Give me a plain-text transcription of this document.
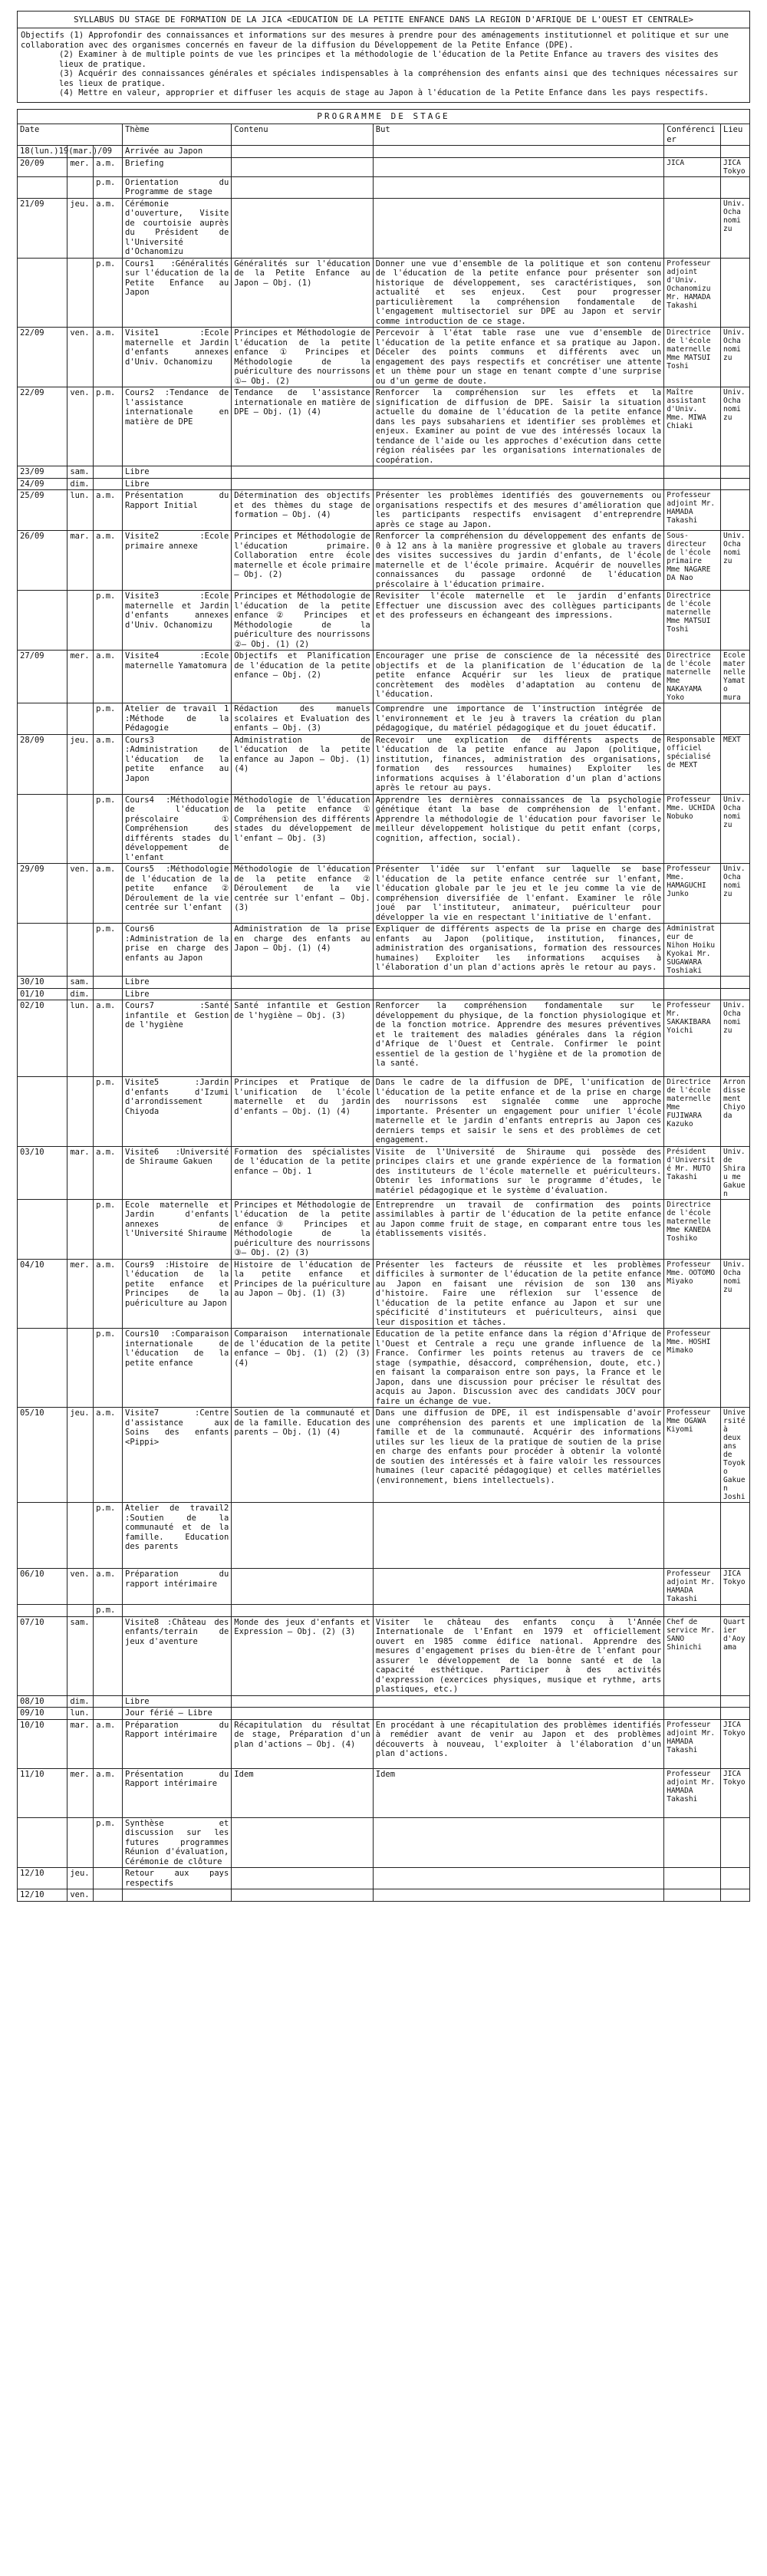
SYLLABUS DU STAGE DE FORMATION DE LA JICA <EDUCATION DE LA PETITE ENFANCE DANS LA REGION D'AFRIQUE DE L'OUEST ET CENTRALE>
Objectifs (1) Approfondir des connaissances et informations sur des mesures à prendre pour des aménagements institutionnel et politique et sur une collaboration avec des organismes concernés en faveur de la diffusion du Développement de la Petite Enfance (DPE).
(2) Examiner à de multiple points de vue les principes et la méthodologie de l'éducation de la Petite Enfance au travers des visites des lieux de pratique.
(3) Acquérir des connaissances générales et spéciales indispensables à la compréhension des enfants ainsi que des techniques nécessaires sur les lieux de pratique.
(4) Mettre en valeur, approprier et diffuser les acquis de stage au Japon à l'éducation de la Petite Enfance dans les pays respectifs.
PROGRAMME DE STAGE
Date			Thème	Contenu	But	Conférencier	Lieu
18(lun.)19(mar.)/09			Arrivée au Japon				
20/09	mer.	a.m.	Briefing			JICA	JICA Tokyo
		p.m.	Orientation du Programme de stage				
21/09	jeu.	a.m.	Cérémonie d'ouverture, Visite de courtoisie auprès du Président de l'Université d'Ochanomizu				Univ. Ocha nomi zu
		p.m.	Cours1 :Généralités sur l'éducation de la Petite Enfance au Japon	Généralités sur l'éducation de la Petite Enfance au Japon – Obj. (1)	Donner une vue d'ensemble de la politique et son contenu de l'éducation de la petite enfance pour présenter son historique de développement, ses caractéristiques, son actualité et ses enjeux. Cest pour progresser particulièrement la compréhension fondamentale de l'engagement multisectoriel sur DPE au Japon et servir comme introduction de ce stage.	Professeur adjoint d'Univ. Ochanomizu Mr. HAMADA Takashi	
22/09	ven.	a.m.	Visite1 :Ecole maternelle et Jardin d'enfants annexes d'Univ. Ochanomizu	Principes et Méthodologie de l'éducation de la petite enfance ① Principes et Méthodologie de la puériculture des nourrissons ①– Obj. (2)	Percevoir à l'état table rase une vue d'ensemble de l'éducation de la petite enfance et sa pratique au Japon. Déceler des points communs et différents avec un engagement des pays respectifs et concrétiser une attente et un thème pour un stage en tenant compte d'une surprise ou d'un germe de doute.	Directrice de l'école maternelle Mme MATSUI Toshi	Univ. Ocha nomi zu
22/09	ven.	p.m.	Cours2 :Tendance de l'assistance internationale en matière de DPE	Tendance de l'assistance internationale en matière de DPE – Obj. (1) (4)	Renforcer la compréhension sur les effets et la signification de diffusion de DPE. Saisir la situation actuelle du domaine de l'éducation de la petite enfance dans les pays subsahariens et identifier ses problèmes et enjeux. Examiner au point de vue des intéressés locaux la tendance de l'aide ou les approches d'exécution dans cette région réalisées par les organisations internationales de coopération.	Maître assistant d'Univ. Mme. MIWA Chiaki	Univ. Ocha nomi zu
23/09	sam.		Libre				
24/09	dim.		Libre				
25/09	lun.	a.m.	Présentation du Rapport Initial	Détermination des objectifs et des thèmes du stage de formation – Obj. (4)	Présenter les problèmes identifiés des gouvernements ou organisations respectifs et des mesures d'amélioration que les participants respectifs envisagent d'entreprendre après ce stage au Japon.	Professeur adjoint Mr. HAMADA Takashi	
26/09	mar.	a.m.	Visite2 :Ecole primaire annexe	Principes et Méthodologie de l'éducation primaire. Collaboration entre école maternelle et école primaire – Obj. (2)	Renforcer la compréhension du développement des enfants de 0 à 12 ans à la manière progressive et globale au travers des visites successives du jardin d'enfants, de l'école maternelle et de l'école primaire. Acquérir de nouvelles connaissances du passage ordonné de l'éducation préscolaire à l'éducation primaire.	Sous-directeur de l'école primaire Mme NAGARE DA Nao	Univ. Ocha nomi zu
		p.m.	Visite3 :Ecole maternelle et Jardin d'enfants annexes d'Univ. Ochanomizu	Principes et Méthodologie de l'éducation de la petite enfance② Principes et Méthodologie de la puériculture des nourrissons ②– Obj. (1) (2)	Revisiter l'école maternelle et le jardin d'enfants Effectuer une discussion avec des collègues participants et des professeurs en échangeant des impressions.	Directrice de l'école maternelle Mme MATSUI Toshi	
27/09	mer.	a.m.	Visite4 :Ecole maternelle Yamatomura	Objectifs et Planification de l'éducation de la petite enfance – Obj. (2)	Encourager une prise de conscience de la nécessité des objectifs et de la planification de l'éducation de la petite enfance Acquérir sur les lieux de pratique concrètement des modèles d'adaptation au contenu de l'éducation.	Directrice de l'école maternelle Mme NAKAYAMA Yoko	Ecole mater nelle Yamato mura
		p.m.	Atelier de travail 1 :Méthode de la Pédagogie	Rédaction des manuels scolaires et Evaluation des enfants – Obj. (3)	Comprendre une importance de l'instruction intégrée de l'environnement et le jeu à travers la création du plan pédagogique, du matériel pédagogique et du jouet éducatif.		
28/09	jeu.	a.m.	Cours3 :Administration de l'éducation de la petite enfance au Japon	Administration de l'éducation de la petite enfance au Japon – Obj. (1) (4)	Recevoir une explication de différents aspects de l'éducation de la petite enfance au Japon (politique, institution, finances, administration des organisations, formation des ressources humaines) Exploiter les informations acquises à l'élaboration d'un plan d'actions après le retour au pays.	Responsable officiel spécialisé de MEXT	MEXT
		p.m.	Cours4 :Méthodologie de l'éducation préscolaire ① Compréhension des différents stades du développement de l'enfant	Méthodologie de l'éducation de la petite enfance ① Compréhension des différents stades du développement de l'enfant – Obj. (3)	Apprendre les dernières connaissances de la psychologie génétique étant la base de compréhension de l'enfant. Apprendre la méthodologie de l'éducation pour favoriser le meilleur développement holistique du petit enfant (corps, cognition, affection, social).	Professeur Mme. UCHIDA Nobuko	Univ. Ocha nomi zu
29/09	ven.	a.m.	Cours5 :Méthodologie de l'éducation de la petite enfance② Déroulement de la vie centrée sur l'enfant	Méthodologie de l'éducation de la petite enfance ② Déroulement de la vie centrée sur l'enfant – Obj. (3)	Présenter l'idée sur l'enfant sur laquelle se base l'éducation de la petite enfance centrée sur l'enfant, l'éducation globale par le jeu et le jeu comme la vie de compréhension diversifiée de l'enfant. Examiner le rôle joué par l'instituteur, animateur, puériculteur pour développer la vie en respectant l'initiative de l'enfant.	Professeur Mme. HAMAGUCHI Junko	Univ. Ocha nomi zu
		p.m.	Cours6 :Administration de la prise en charge des enfants au Japon	Administration de la prise en charge des enfants au Japon – Obj. (1) (4)	Expliquer de différents aspects de la prise en charge des enfants au Japon (politique, institution, finances, administration des organisations, formation des ressources humaines) Exploiter les informations acquises à l'élaboration d'un plan d'actions après le retour au pays.	Administrateur de Nihon Hoiku Kyokai Mr. SUGAWARA Toshiaki	
30/10	sam.		Libre				
01/10	dim.		Libre				
02/10	lun.	a.m.	Cours7 :Santé infantile et Gestion de l'hygiène	Santé infantile et Gestion de l'hygiène – Obj. (3)	Renforcer la compréhension fondamentale sur le développement du physique, de la fonction physiologique et de la fonction motrice. Apprendre des mesures préventives et le traitement des maladies générales dans la région d'Afrique de l'Ouest et Centrale. Confirmer le point essentiel de la gestion de l'hygiène et de la promotion de la santé.	Professeur Mr. SAKAKIBARA Yoichi	Univ. Ocha nomi zu
		p.m.	Visite5 :Jardin d'enfants d'Izumi d'arrondissement Chiyoda	Principes et Pratique de l'unification de l'école maternelle et du jardin d'enfants – Obj. (1) (4)	Dans le cadre de la diffusion de DPE, l'unification de l'éducation de la petite enfance et de la prise en charge des nourrissons est signalée comme une approche importante. Présenter un engagement pour unifier l'école maternelle et le jardin d'enfants entrepris au Japon ces derniers temps et saisir le sens et des problèmes de cet engagement.	Directrice de l'école maternelle Mme FUJIWARA Kazuko	Arron dissement Chiyo da
03/10	mar.	a.m.	Visite6 :Université de Shiraume Gakuen	Formation des spécialistes de l'éducation de la petite enfance – Obj. 1	Visite de l'Université de Shiraume qui possède des principes clairs et une grande expérience de la formation des instituteurs de l'école maternelle et puériculteurs. Obtenir les informations sur le programme d'études, le matériel pédagogique et le système d'évaluation.	Président d'Université Mr. MUTO Takashi	Univ. de Shirau me Gakuen
		p.m.	Ecole maternelle et Jardin d'enfants annexes de l'Université Shiraume	Principes et Méthodologie de l'éducation de la petite enfance③ Principes et Méthodologie de la puériculture des nourrissons ③– Obj. (2) (3)	Entreprendre un travail de confirmation des points assimilables à partir de l'éducation de la petite enfance au Japon comme fruit de stage, en comparant entre tous les établissements visités.	Directrice de l'école maternelle Mme KANEDA Toshiko	
04/10	mer.	a.m.	Cours9 :Histoire de l'éducation de la petite enfance et Principes de la puériculture au Japon	Histoire de l'éducation de la petite enfance et Principes de la puériculture au Japon – Obj. (1) (3)	Présenter les facteurs de réussite et les problèmes difficiles à surmonter de l'éducation de la petite enfance au Japon en faisant une révision de son 130 ans d'histoire. Faire une réflexion sur l'essence de l'éducation de la petite enfance au Japon et sur une spécificité d'instituteurs et puériculteurs, ainsi que leur disposition et tâches.	Professeur Mme. OOTOMO Miyako	Univ. Ocha nomi zu
		p.m.	Cours10 :Comparaison internationale de l'éducation de la petite enfance	Comparaison internationale de l'éducation de la petite enfance – Obj. (1) (2) (3) (4)	Education de la petite enfance dans la région d'Afrique de l'Ouest et Centrale a reçu une grande influence de la France. Confirmer les points retenus au travers de ce stage (sympathie, désaccord, compréhension, doute, etc.) en faisant la comparaison entre son pays, la France et le Japon, dans une discussion pour préciser le résultat des acquis au Japon. Discussion avec des candidats JOCV pour faire un échange de vue.	Professeur Mme. HOSHI Mimako	
05/10	jeu.	a.m.	Visite7 :Centre d'assistance aux Soins des enfants <Pippi>	Soutien de la communauté et de la famille. Education des parents – Obj. (1) (4)	Dans une diffusion de DPE, il est indispensable d'avoir une compréhension des parents et une implication de la famille et de la communauté. Acquérir des informations utiles sur les lieux de la pratique de soutien de la prise en charge des enfants pour procéder à obtenir la volonté de soutien des intéressés et à faire valoir les ressources humaines (leur capacité pédagogique) et celles matérielles (environnement, biens intellectuels).	Professeur Mme OGAWA Kiyomi	Université à deux ans de Toyoko Gakuen Joshi
		p.m.	Atelier de travail2 :Soutien de la communauté et de la famille. Education des parents				
06/10	ven.	a.m.	Préparation du rapport intérimaire			Professeur adjoint Mr. HAMADA Takashi	JICA Tokyo
		p.m.					
07/10	sam.		Visite8 :Château des enfants/terrain de jeux d'aventure	Monde des jeux d'enfants et Expression – Obj. (2) (3)	Visiter le château des enfants conçu à l'Année Internationale de l'Enfant en 1979 et officiellement ouvert en 1985 comme édifice national. Apprendre des mesures d'engagement prises du bien-être de l'enfant pour assurer le développement de la bonne santé et de la capacité esthétique. Participer à des activités d'expression (exercices physiques, musique et rythme, arts plastiques, etc.)	Chef de service Mr. SANO Shinichi	Quartier d'Aoyama
08/10	dim.		Libre				
09/10	lun.		Jour férié – Libre				
10/10	mar.	a.m.	Préparation du Rapport intérimaire	Récapitulation du résultat de stage, Préparation d'un plan d'actions – Obj. (4)	En procédant à une récapitulation des problèmes identifiés à remédier avant de venir au Japon et des problèmes découverts à nouveau, l'exploiter à l'élaboration d'un plan d'actions.	Professeur adjoint Mr. HAMADA Takashi	JICA Tokyo
11/10	mer.	a.m.	Présentation du Rapport intérimaire	Idem	Idem	Professeur adjoint Mr. HAMADA Takashi	JICA Tokyo
		p.m.	Synthèse et discussion sur les futures programmes Réunion d'évaluation, Cérémonie de clôture				
12/10	jeu.		Retour aux pays respectifs				
12/10	ven.						
